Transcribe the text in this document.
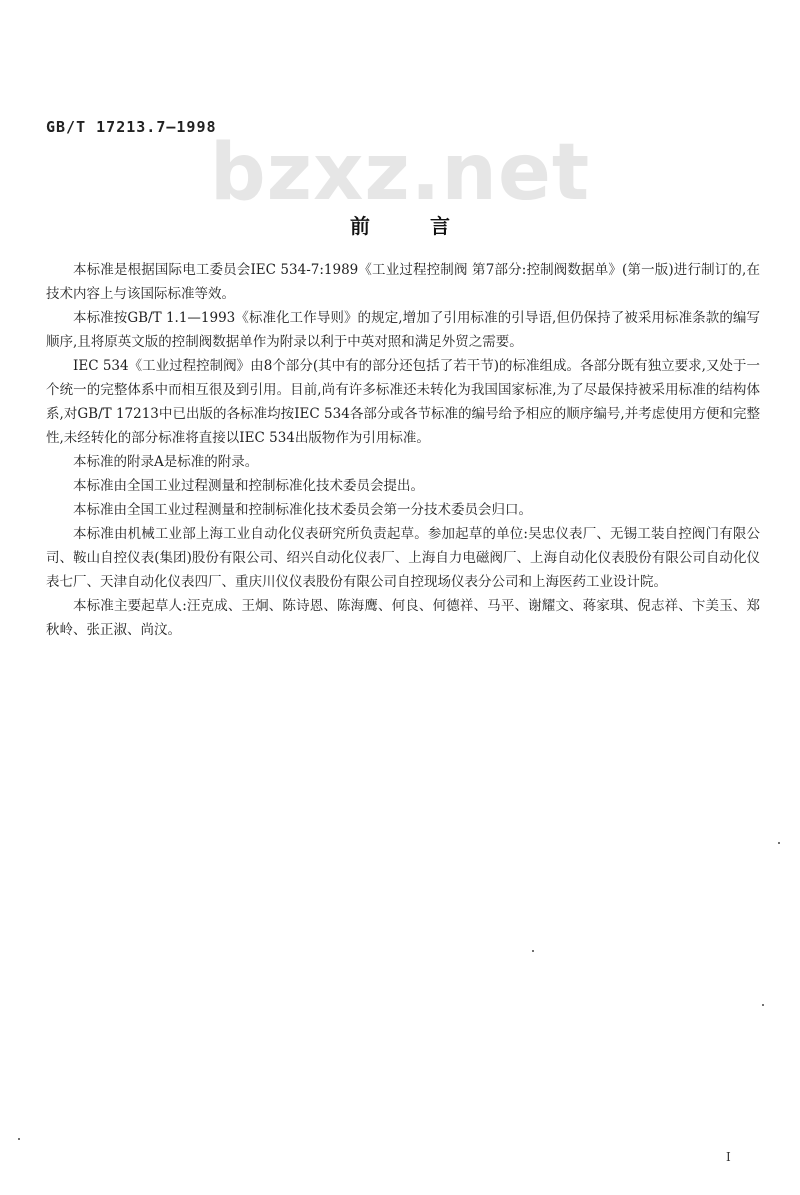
GB/T 17213.7—1998
bzxz.net
前言

本标准是根据国际电工委员会IEC 534-7:1989《工业过程控制阀 第7部分:控制阀数据单》(第一版)进行制订的,在技术内容上与该国际标准等效。

本标准按GB/T 1.1—1993《标准化工作导则》的规定,增加了引用标准的引导语,但仍保持了被采用标准条款的编写顺序,且将原英文版的控制阀数据单作为附录以利于中英对照和满足外贸之需要。

IEC 534《工业过程控制阀》由8个部分(其中有的部分还包括了若干节)的标准组成。各部分既有独立要求,又处于一个统一的完整体系中而相互很及到引用。目前,尚有许多标准还未转化为我国国家标准,为了尽最保持被采用标准的结构体系,对GB/T 17213中已出版的各标准均按IEC 534各部分或各节标准的编号给予相应的顺序编号,并考虑使用方便和完整性,未经转化的部分标准将直接以IEC 534出版物作为引用标准。

本标准的附录A是标准的附录。

本标准由全国工业过程测量和控制标准化技术委员会提出。

本标准由全国工业过程测量和控制标准化技术委员会第一分技术委员会归口。

本标准由机械工业部上海工业自动化仪表研究所负责起草。参加起草的单位:吴忠仪表厂、无锡工装自控阀门有限公司、鞍山自控仪表(集团)股份有限公司、绍兴自动化仪表厂、上海自力电磁阀厂、上海自动化仪表股份有限公司自动化仪表七厂、天津自动化仪表四厂、重庆川仪仪表股份有限公司自控现场仪表分公司和上海医药工业设计院。

本标准主要起草人:汪克成、王炯、陈诗恩、陈海鹰、何良、何德祥、马平、谢耀文、蒋家琪、倪志祥、卞美玉、郑秋岭、张正淑、尚汶。

I
